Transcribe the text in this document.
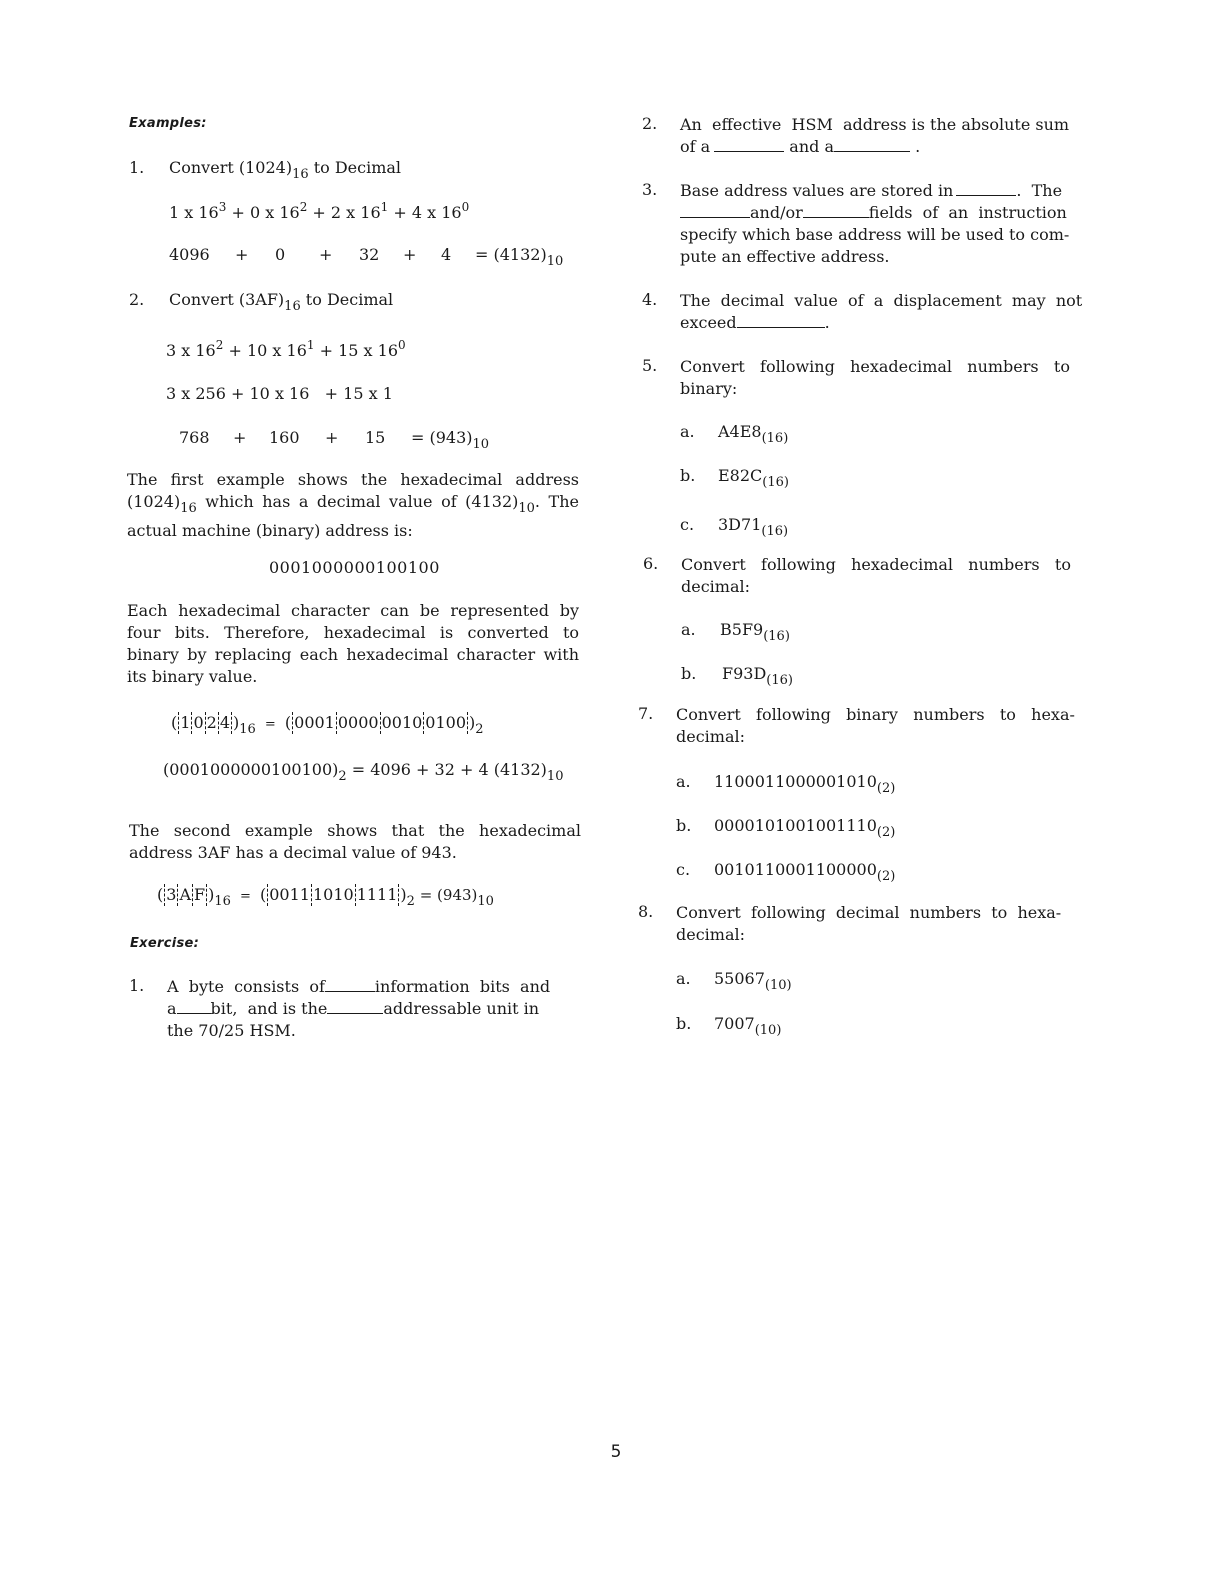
Examples:
1. Convert $(1024)_{16}$ to Decimal
1 x $16^3 + 0$ x $16^2 + 2$ x $16^1 + 4$ x $16^0$
$4096 + 0 + 32 + 4 = (4132)_{10}$
2. Convert $(3AF)_{16}$ to Decimal
3 x $16^2 + 10$ x $16^1 + 15$ x $16^0$
3 x 256 + 10 x 16   + 15 x 1
$768 + 160 + 15 = (943)_{10}$
The first example shows the hexadecimal address $(1024)_{16}$ which has a decimal value of $(4132)_{10}$. The actual machine (binary) address is:
0001000000100100
Each hexadecimal character can be represented by four bits. Therefore, hexadecimal is converted to binary by replacing each hexadecimal character with its binary value.
( 1 0 2 4 )$_{16}$ = ( 0001 0000 0010 0100 )$_2$
$(0001000000100100)_2 = 4096 + 32 + 4$ $(4132)_{10}$
The second example shows that the hexadecimal address 3AF has a decimal value of 943.
( 3 A F )$_{16}$ = ( 0011 1010 1111 )$_2 = (943)_{10}$
Exercise:
1. A  byte  consists  of	information  bits  and
a bit,  and is the	addressable unit in
the 70/25 HSM.
2. An  effective  HSM  address is the absolute sum
of a	and a	.
3. Base address values are stored in	.  The
and/or	fields  of  an  instruction
specify which base address will be used to com-
pute an effective address.
4. The  decimal  value  of  a  displacement  may  not
exceed	.
5. Convert   following   hexadecimal   numbers   to
binary:
a. $A4E8_{(16)}$
b. $E82C_{(16)}$
c. $3D71_{(16)}$
6. Convert   following   hexadecimal   numbers   to
decimal:
a. $B5F9_{(16)}$
b. $F93D_{(16)}$
7. Convert   following   binary   numbers   to   hexa-
decimal:
a. $1100011000001010_{(2)}$
b. $0000101001001110_{(2)}$
c. $0010110001100000_{(2)}$
8. Convert  following  decimal  numbers  to  hexa-
decimal:
a. $55067_{(10)}$
b. $7007_{(10)}$
5
